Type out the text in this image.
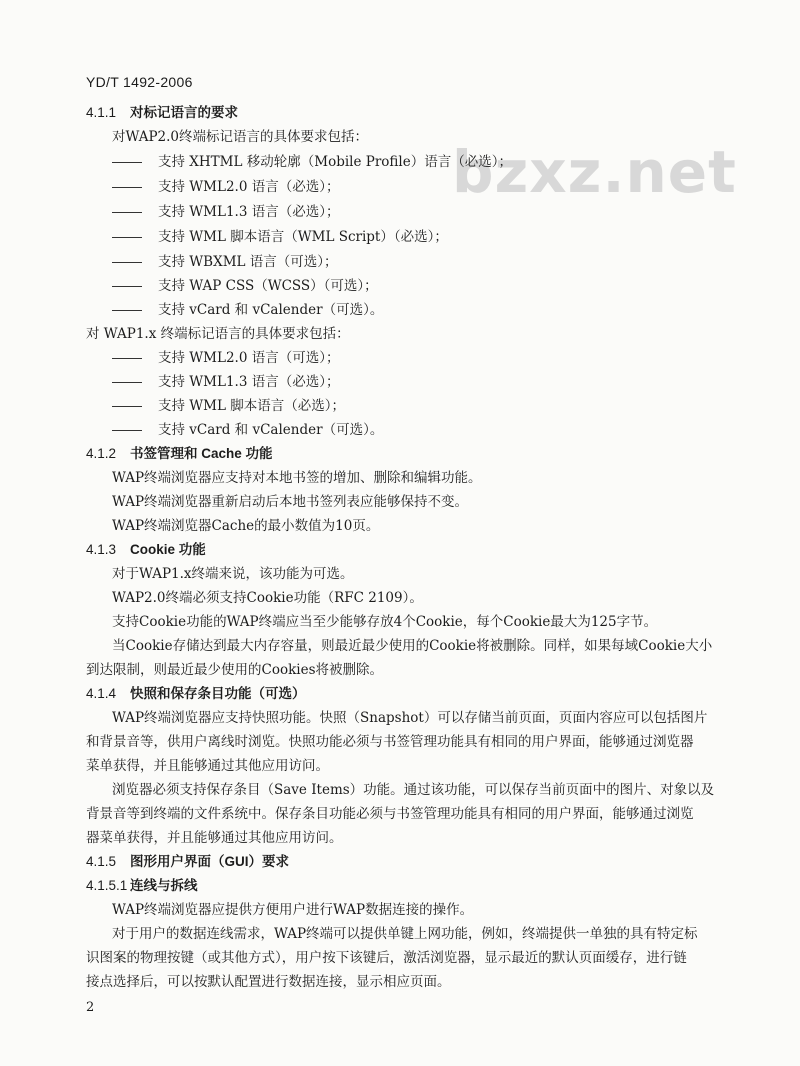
YD/T 1492-2006
bzxz.net
4.1.1 对标记语言的要求
对WAP2.0终端标记语言的具体要求包括：
支持 XHTML 移动轮廓（Mobile Profile）语言（必选）；
支持 WML2.0 语言（必选）；
支持 WML1.3 语言（必选）；
支持 WML 脚本语言（WML Script）（必选）；
支持 WBXML 语言（可选）；
支持 WAP CSS（WCSS）（可选）；
支持 vCard 和 vCalender（可选）。
对 WAP1.x 终端标记语言的具体要求包括：
支持 WML2.0 语言（可选）；
支持 WML1.3 语言（必选）；
支持 WML 脚本语言（必选）；
支持 vCard 和 vCalender（可选）。
4.1.2 书签管理和 Cache 功能
WAP终端浏览器应支持对本地书签的增加、删除和编辑功能。
WAP终端浏览器重新启动后本地书签列表应能够保持不变。
WAP终端浏览器Cache的最小数值为10页。
4.1.3 Cookie 功能
对于WAP1.x终端来说，该功能为可选。
WAP2.0终端必须支持Cookie功能（RFC 2109）。
支持Cookie功能的WAP终端应当至少能够存放4个Cookie，每个Cookie最大为125字节。
当Cookie存储达到最大内存容量，则最近最少使用的Cookie将被删除。同样，如果每域Cookie大小
到达限制，则最近最少使用的Cookies将被删除。
4.1.4 快照和保存条目功能（可选）
WAP终端浏览器应支持快照功能。快照（Snapshot）可以存储当前页面，页面内容应可以包括图片
和背景音等，供用户离线时浏览。快照功能必须与书签管理功能具有相同的用户界面，能够通过浏览器
菜单获得，并且能够通过其他应用访问。
浏览器必须支持保存条目（Save Items）功能。通过该功能，可以保存当前页面中的图片、对象以及
背景音等到终端的文件系统中。保存条目功能必须与书签管理功能具有相同的用户界面，能够通过浏览
器菜单获得，并且能够通过其他应用访问。
4.1.5 图形用户界面（GUI）要求
4.1.5.1 连线与拆线
WAP终端浏览器应提供方便用户进行WAP数据连接的操作。
对于用户的数据连线需求，WAP终端可以提供单键上网功能，例如，终端提供一单独的具有特定标
识图案的物理按键（或其他方式），用户按下该键后，激活浏览器，显示最近的默认页面缓存，进行链
接点选择后，可以按默认配置进行数据连接，显示相应页面。
2
